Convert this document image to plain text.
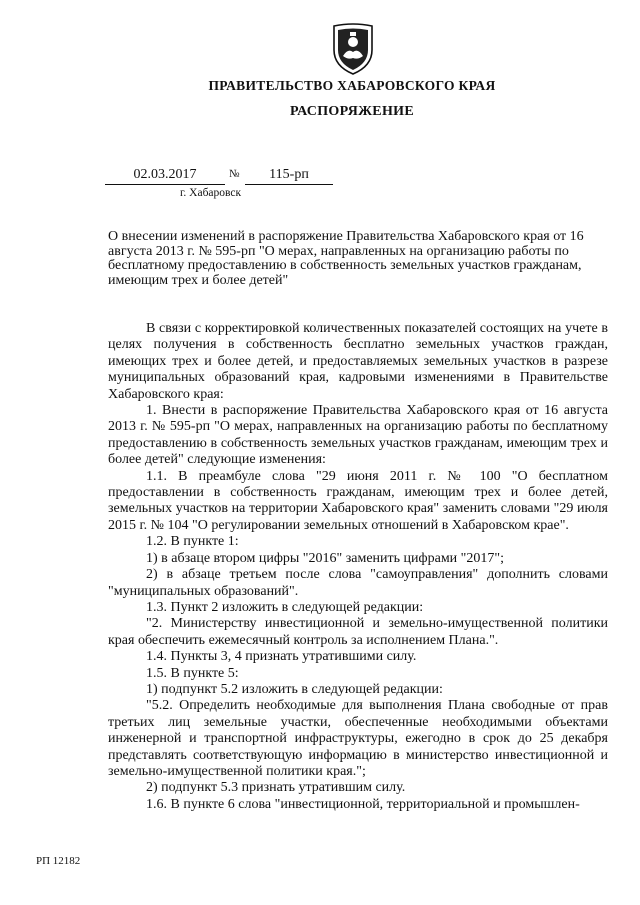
ПРАВИТЕЛЬСТВО ХАБАРОВСКОГО КРАЯ
РАСПОРЯЖЕНИЕ
02.03.2017	№	115-рп
г. Хабаровск
О внесении изменений в распоряжение Правительства Хабаровского края от 16 августа 2013 г. № 595-рп "О мерах, направленных на организацию работы по бесплатному предоставлению в собственность земельных участков гражданам, имеющим трех и более детей"

В связи с корректировкой количественных показателей состоящих на учете в целях получения в собственность бесплатно земельных участков граждан, имеющих трех и более детей, и предоставляемых земельных участков в разрезе муниципальных образований края, кадровыми изменениями в Правительстве Хабаровского края:

1. Внести в распоряжение Правительства Хабаровского края от 16 августа 2013 г. № 595-рп "О мерах, направленных на организацию работы по бесплатному предоставлению в собственность земельных участков гражданам, имеющим трех и более детей" следующие изменения:

1.1. В преамбуле слова "29 июня 2011 г. № 100 "О бесплатном предоставлении в собственность гражданам, имеющим трех и более детей, земельных участков на территории Хабаровского края" заменить словами "29 июля 2015 г. № 104 "О регулировании земельных отношений в Хабаровском крае".

1.2. В пункте 1:

1) в абзаце втором цифры "2016" заменить цифрами "2017";

2) в абзаце третьем после слова "самоуправления" дополнить словами "муниципальных образований".

1.3. Пункт 2 изложить в следующей редакции:

"2. Министерству инвестиционной и земельно-имущественной политики края обеспечить ежемесячный контроль за исполнением Плана.".

1.4. Пункты 3, 4 признать утратившими силу.

1.5. В пункте 5:

1) подпункт 5.2 изложить в следующей редакции:

"5.2. Определить необходимые для выполнения Плана свободные от прав третьих лиц земельные участки, обеспеченные необходимыми объектами инженерной и транспортной инфраструктуры, ежегодно в срок до 25 декабря представлять соответствующую информацию в министерство инвестиционной и земельно-имущественной политики края.";

2) подпункт 5.3 признать утратившим силу.

1.6. В пункте 6 слова "инвестиционной, территориальной и промышлен-

РП 12182
